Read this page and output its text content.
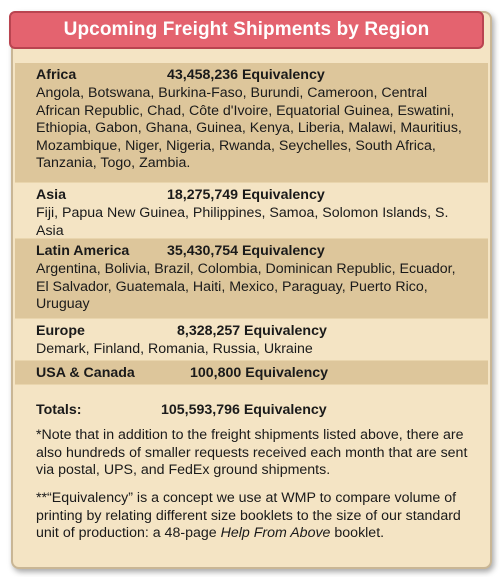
Africa	43,458,236 Equivalency
Angola, Botswana, Burkina-Faso, Burundi, Cameroon, Central African Republic, Chad, Côte d'Ivoire, Equatorial Guinea, Eswatini, Ethiopia, Gabon, Ghana, Guinea, Kenya, Liberia, Malawi, Mauritius, Mozambique, Niger, Nigeria, Rwanda, Seychelles, South Africa, Tanzania, Togo, Zambia.
Asia	18,275,749 Equivalency
Fiji, Papua New Guinea, Philippines, Samoa, Solomon Islands, S. Asia
Latin America	35,430,754 Equivalency
Argentina, Bolivia, Brazil, Colombia, Dominican Republic, Ecuador, El Salvador, Guatemala, Haiti, Mexico, Paraguay, Puerto Rico, Uruguay
Europe	8,328,257 Equivalency
Demark, Finland, Romania, Russia, Ukraine
USA & Canada	100,800 Equivalency
Totals:	105,593,796 Equivalency
*Note that in addition to the freight shipments listed above, there are also hundreds of smaller requests received each month that are sent via postal, UPS, and FedEx ground shipments.
**“Equivalency” is a concept we use at WMP to compare volume of printing by relating different size booklets to the size of our standard unit of production: a 48-page Help From Above booklet.
Upcoming Freight Shipments by Region
